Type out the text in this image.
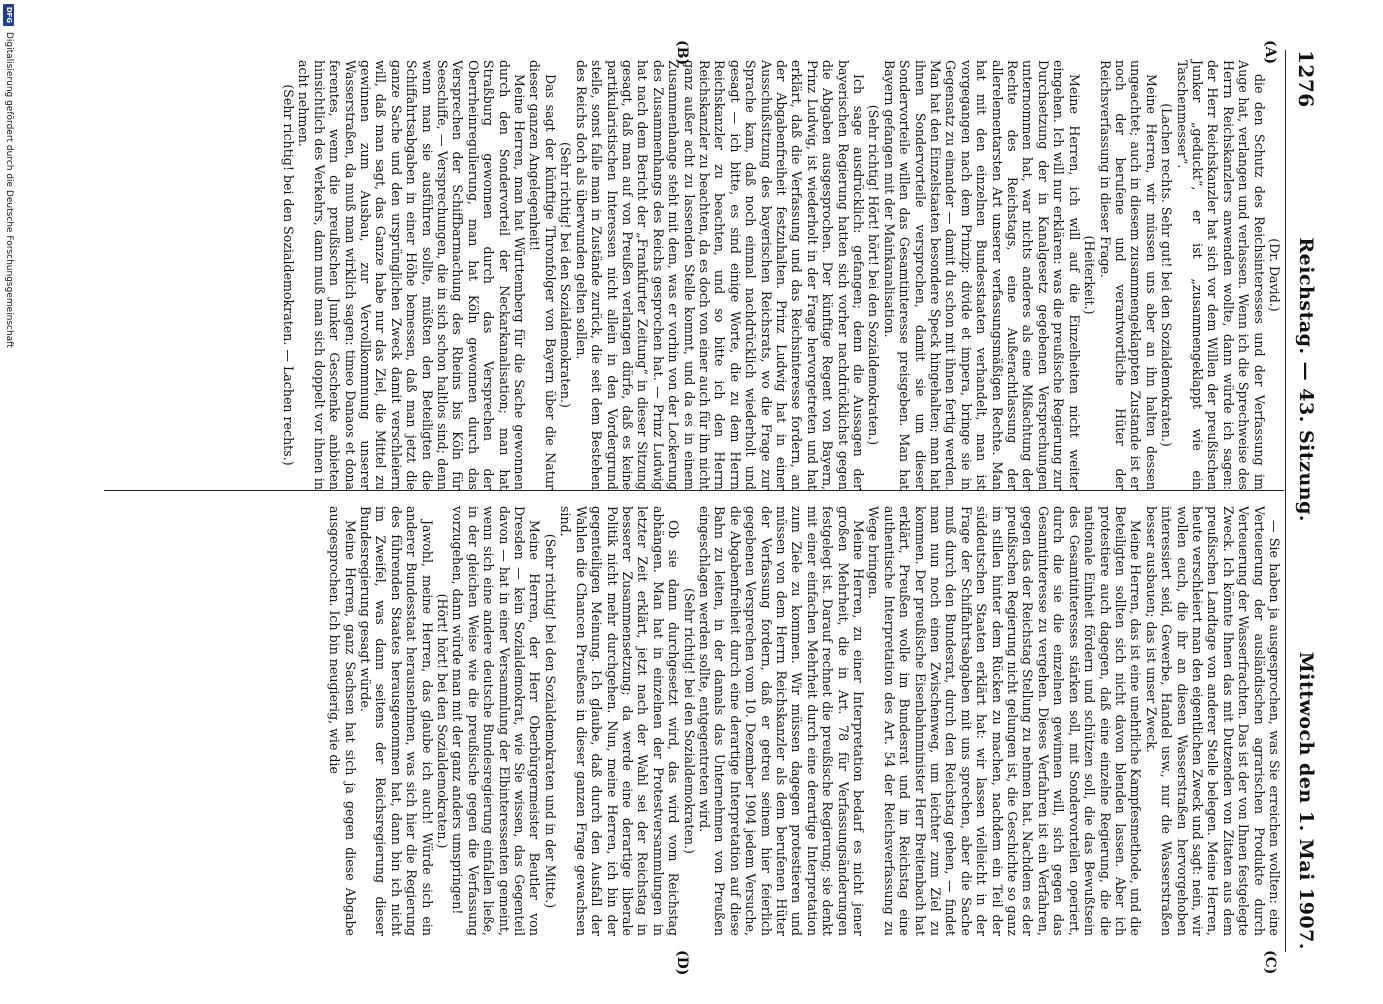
1276
Reichstag. — 43. Sitzung.
Mittwoch den 1. Mai 1907.
(A)
(B)
(C)
(D)

(Dr. David.)

die den Schutz des Reichsinteresses und der Verfassung im Auge hat, verlangen und verlassen. Wenn ich die Sprechweise des Herrn Reichskanzlers anwenden wollte, dann würde ich sagen: der Herr Reichskanzler hat sich vor dem Willen der preußischen Junker „geduckt“, er ist „zusammengeklappt wie ein Taschenmesser“.

(Lachen rechts. Sehr gut! bei den Sozialdemokraten.)

Meine Herren, wir müssen uns aber an ihn halten dessen ungeachtet; auch in diesem zusammengeklappten Zustande ist er noch der berufene und verantwortliche Hüter der Reichsverfassung in dieser Frage.

(Heiterkeit.)

Meine Herren, ich will auf die Einzelheiten nicht weiter eingehen. Ich will nur erklären: was die preußische Regierung zur Durchsetzung der in Kanalgesetz gegebenen Versprechungen unternommen hat, war nichts anderes als eine Mißachtung der Rechte des Reichstags, eine Außerachtlassung der allerelementarsten Art unserer verfassungsmäßigen Rechte. Man hat mit den einzelnen Bundesstaaten verhandelt, man ist vorgegangen nach dem Prinzip: divide et impera, bringe sie in Gegensatz zu einander — damit du schon mit ihnen fertig werden. Man hat den Einzelstaaten besondere Speck hingehalten; man hat ihnen Sondervorteile versprochen, damit sie um dieser Sondervorteile willen das Gesamtinteresse preisgeben. Man hat Bayern gefangen mit der Mainkanalisation.

(Sehr richtig! Hört! hört! bei den Sozialdemokraten.)

Ich sage ausdrücklich: gefangen; denn die Aussagen der bayerischen Regierung hatten sich vorher nachdrücklichst gegen die Abgaben ausgesprochen. Der künftige Regent von Bayern, Prinz Ludwig, ist wiederholt in der Frage hervorgetreten und hat erklärt, daß die Verfassung und das Reichsinteresse fordern, an der Abgabenfreiheit festzuhalten. Prinz Ludwig hat in einer Ausschußsitzung des bayerischen Reichsrats, wo die Frage zur Sprache kam, daß noch einmal nachdrücklich wiederholt und gesagt — ich bitte, es sind einige Worte, die zu dem Herrn Reichskanzler zu beachten, und so bitte ich den Herrn Reichskanzler zu beachten, da es doch von einer auch für ihn nicht ganz außer acht zu lassenden Stelle kommt, und da es in einem Zusammenhange steht mit dem, was er vorhin von der Lockerung des Zusammenhangs des Reichs gesprochen hat. — Prinz Ludwig hat nach dem Bericht der „Frankfurter Zeitung“ in dieser Sitzung gesagt, daß man auf von Preußen verlangen dürfe, daß es keine partikularistischen Interessen nicht allein in den Vordergrund stelle, sonst falle man in Zustände zurück, die seit dem Bestehen des Reichs doch als überwunden gelten sollen.

(Sehr richtig! bei den Sozialdemokraten.)

Das sagt der künftige Thronfolger von Bayern über die Natur dieser ganzen Angelegenheit!

Meine Herren, man hat Württemberg für die Sache gewonnen durch den Sondervorteil der Neckarkanalisation; man hat Straßburg gewonnen durch das Versprechen der Oberrheinregulierung, man hat Köln gewonnen durch das Versprechen der Schiffbarmachung des Rheins bis Köln für Seeschiffe, — Versprechungen, die in sich schon haltlos sind; denn wenn man sie ausführen sollte, müßten den Beteiligten die Schiffahrtsabgaben in einer Höhe bemessen, daß man jetzt die ganze Sache und den ursprünglichen Zweck damit verschleiern will, daß man sagt, das Ganze habe nur das Ziel, die Mittel zu gewinnen zum Ausbau, zur Vervollkommnung unserer Wasserstraßen, da muß man wirklich sagen: timeo Danaos et dona ferentes, wenn die preußischen Junker Geschenke anbieten hinsichtlich des Verkehrs, dann muß man sich doppelt vor ihnen in acht nehmen.

(Sehr richtig! bei den Sozialdemokraten. — Lachen rechts.)

— Sie haben ja ausgesprochen, was Sie erreichen wollten: eine Verteuerung der ausländischen agrarischen Produkte durch Verteuerung der Wasserfrachten. Das ist der von Ihnen festgelegte Zweck. Ich könnte Ihnen das mit Dutzenden von Zitaten aus dem preußischen Landtage von anderer Stelle belegen. Meine Herren, heute verschleiert man den eigentlichen Zweck und sagt: nein, wir wollen euch, die ihr an diesen Wasserstraßen hervorgehoben interessiert seid, Gewerbe, Handel usw., nur die Wasserstraßen besser ausbauen; das ist unser Zweck.

Meine Herren, das ist eine unehrliche Kampfesmethode, und die Beteiligten sollten sich nicht davon blenden lassen. Aber ich protestiere auch dagegen, daß eine einzelne Regierung, die die nationale Einheit fördern und schützen soll, die das Bewußtsein des Gesamtinteresses stärken soll, mit Sondervorteilen operiert, durch die sie die einzelnen gewinnen will, sich gegen das Gesamtinteresse zu vergehen. Dieses Verfahren ist ein Verfahren, gegen das der Reichstag Stellung zu nehmen hat. Nachdem es der preußischen Regierung nicht gelungen ist, die Geschichte so ganz im stillen hinter dem Rücken zu machen, nachdem ein Teil der süddeutschen Staaten erklärt hat: wir lassen vielleicht in der Frage der Schiffahrtsabgaben mit uns sprechen, aber die Sache muß durch den Bundesrat, durch den Reichstag gehen, — findet man nun noch einen Zwischenweg, um leichter zum Ziel zu kommen. Der preußische Eisenbahnminister Herr Breitenbach hat erklärt, Preußen wolle im Bundesrat und im Reichstag eine authentische Interpretation des Art. 54 der Reichsverfassung zu Wege bringen.

Meine Herren, zu einer Interpretation bedarf es nicht jener großen Mehrheit, die in Art. 78 für Verfassungsänderungen festgelegt ist. Darauf rechnet die preußische Regierung; sie denkt mit einer einfachen Mehrheit durch eine derartige Interpretation zum Ziele zu kommen. Wir müssen dagegen protestieren und müssen von dem Herrn Reichskanzler als dem berufenen Hüter der Verfassung fordern, daß er getreu seinem hier feierlich gegebenen Versprechen vom 10. Dezember 1904 jedem Versuche, die Abgabenfreiheit durch eine derartige Interpretation auf diese Bahn zu leiten, in der damals das Unternehmen von Preußen eingeschlagen werden sollte, entgegentreten wird.

(Sehr richtig! bei den Sozialdemokraten.)

Ob sie dann durchgesetzt wird, das wird vom Reichstag abhängen. Man hat in einzelnen der Protestversammlungen in letzter Zeit erklärt, jetzt nach der Wahl sei der Reichstag in besserer Zusammensetzung; da werde eine derartige liberale Politik nicht mehr durchgehen. Nun, meine Herren, ich bin der gegenteiligen Meinung. Ich glaube, daß durch den Ausfall der Wahlen die Chancen Preußens in dieser ganzen Frage gewachsen sind.

(Sehr richtig! bei den Sozialdemokraten und in der Mitte.)

Meine Herren, der Herr Oberbürgermeister Beutler von Dresden — kein Sozialdemokrat, wie Sie wissen, das Gegenteil davon — hat in einer Versammlung der Elbinteressenten gemeint, wenn sich eine andere deutsche Bundesregierung einfallen ließe, in der gleichen Weise wie die preußische gegen die Verfassung vorzugehen, dann würde man mit der ganz anders umspringen!

(Hört! hört! bei den Sozialdemokraten.)

Jawohl, meine Herren, das glaube ich auch! Würde sich ein anderer Bundesstaat herausnehmen, was sich hier die Regierung des führenden Staates herausgenommen hat, dann bin ich nicht im Zweifel, was dann seitens der Reichsregierung dieser Bundesregierung gesagt würde.

Meine Herren, ganz Sachsen hat sich ja gegen diese Abgabe ausgesprochen. Ich bin neugierig, wie die

DFG
Digitalisierung gefördert durch die Deutsche Forschungsgemeinschaft
